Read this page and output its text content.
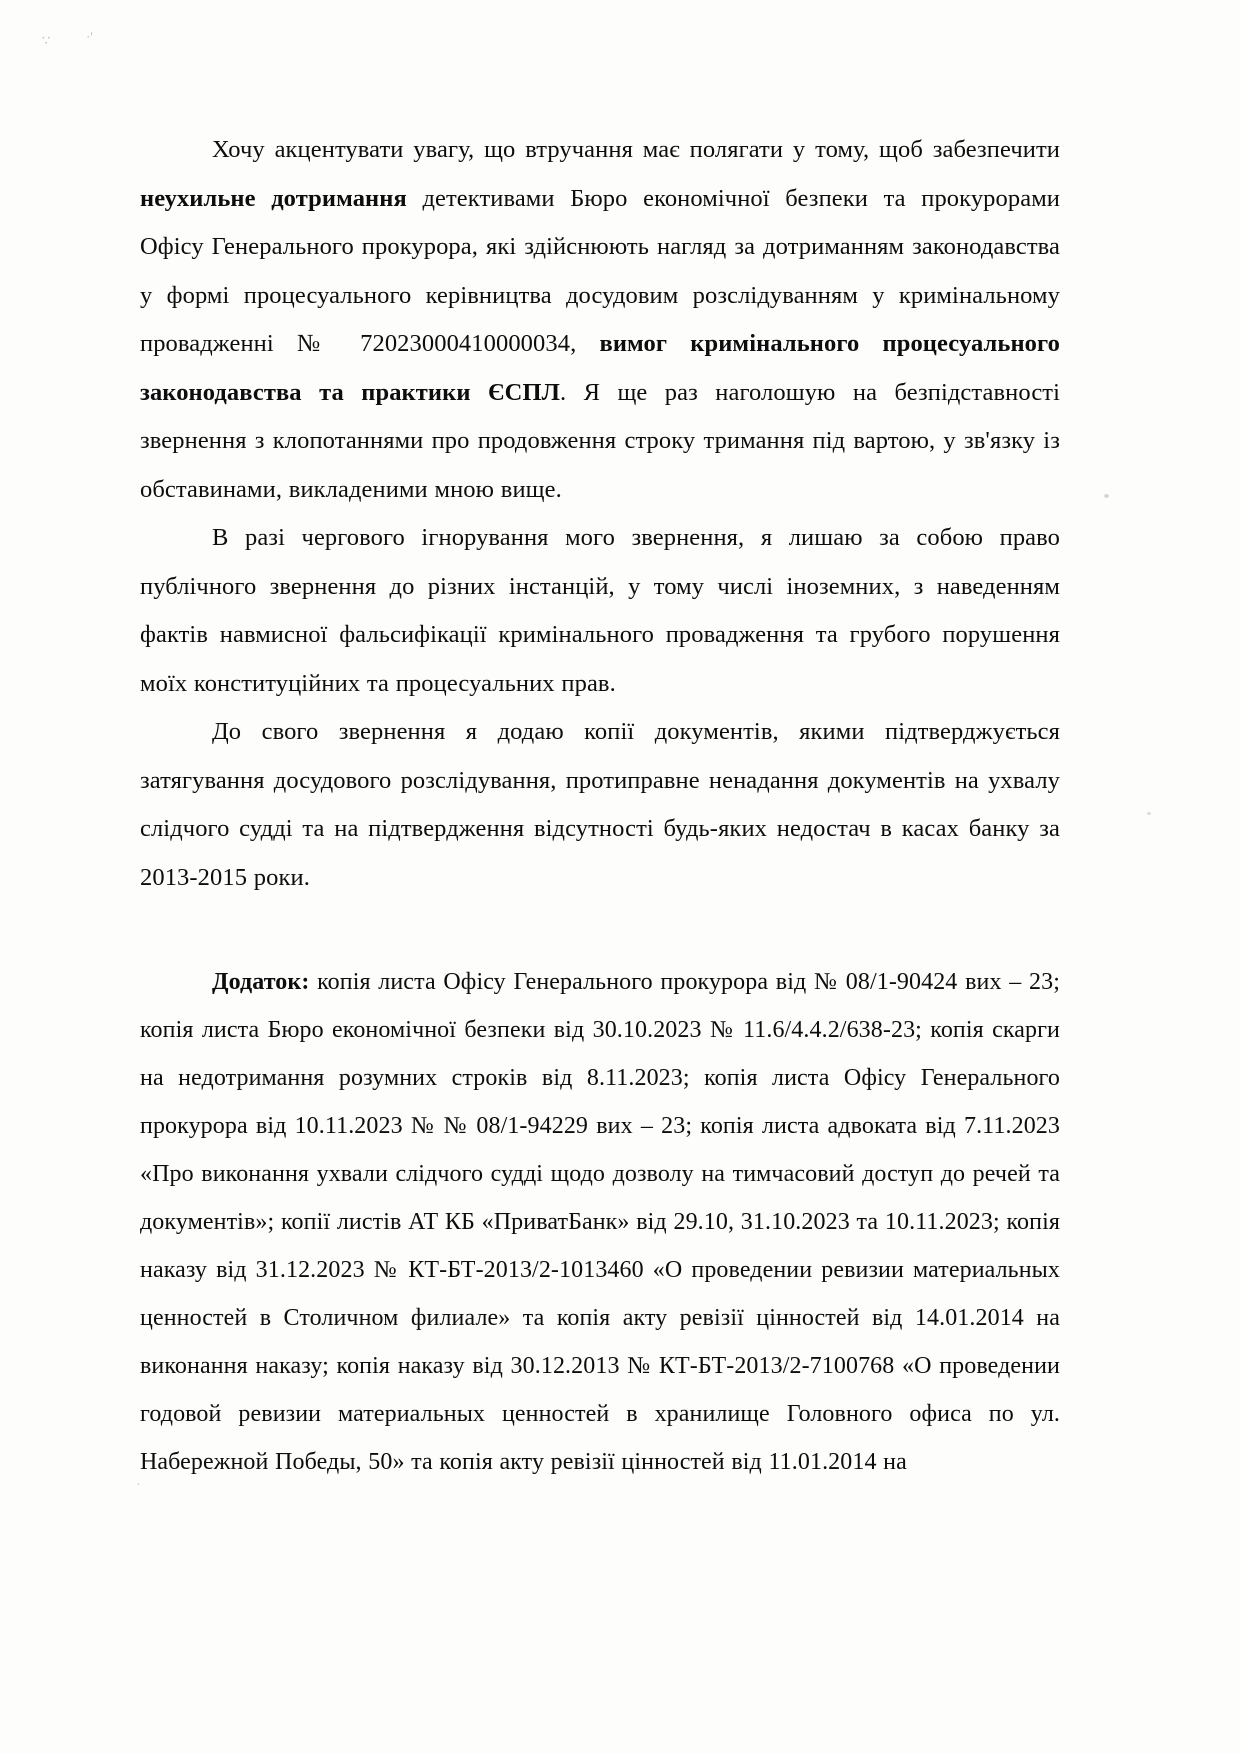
∵	·'
·

Хочу акцентувати увагу, що втручання має полягати у тому, щоб забезпечити неухильне дотримання детективами Бюро економічної безпеки та прокурорами Офісу Генерального прокурора, які здійснюють нагляд за дотриманням законодавства у формі процесуального керівництва досудовим розслідуванням у кримінальному провадженні № 72023000410000034, вимог кримінального процесуального законодавства та практики ЄСПЛ. Я ще раз наголошую на безпідставності звернення з клопотаннями про продовження строку тримання під вартою, у зв'язку із обставинами, викладеними мною вище.

В разі чергового ігнорування мого звернення, я лишаю за собою право публічного звернення до різних інстанцій, у тому числі іноземних, з наведенням фактів навмисної фальсифікації кримінального провадження та грубого порушення моїх конституційних та процесуальних прав.

До свого звернення я додаю копії документів, якими підтверджується затягування досудового розслідування, протиправне ненадання документів на ухвалу слідчого судді та на підтвердження відсутності будь-яких недостач в касах банку за 2013-2015 роки.

Додаток: копія листа Офісу Генерального прокурора від № 08/1-90424 вих – 23; копія листа Бюро економічної безпеки від 30.10.2023 № 11.6/4.4.2/638-23; копія скарги на недотримання розумних строків від 8.11.2023; копія листа Офісу Генерального прокурора від 10.11.2023 № № 08/1-94229 вих – 23; копія листа адвоката від 7.11.2023 «Про виконання ухвали слідчого судді щодо дозволу на тимчасовий доступ до речей та документів»; копії листів АТ КБ «ПриватБанк» від 29.10, 31.10.2023 та 10.11.2023; копія наказу від 31.12.2023 № КТ-БТ-2013/2-1013460 «О проведении ревизии материальных ценностей в Столичном филиале» та копія акту ревізії цінностей від 14.01.2014 на виконання наказу; копія наказу від 30.12.2013 № КТ-БТ-2013/2-7100768 «О проведении годовой ревизии материальных ценностей в хранилище Головного офиса по ул. Набережной Победы, 50» та копія акту ревізії цінностей від 11.01.2014 на
